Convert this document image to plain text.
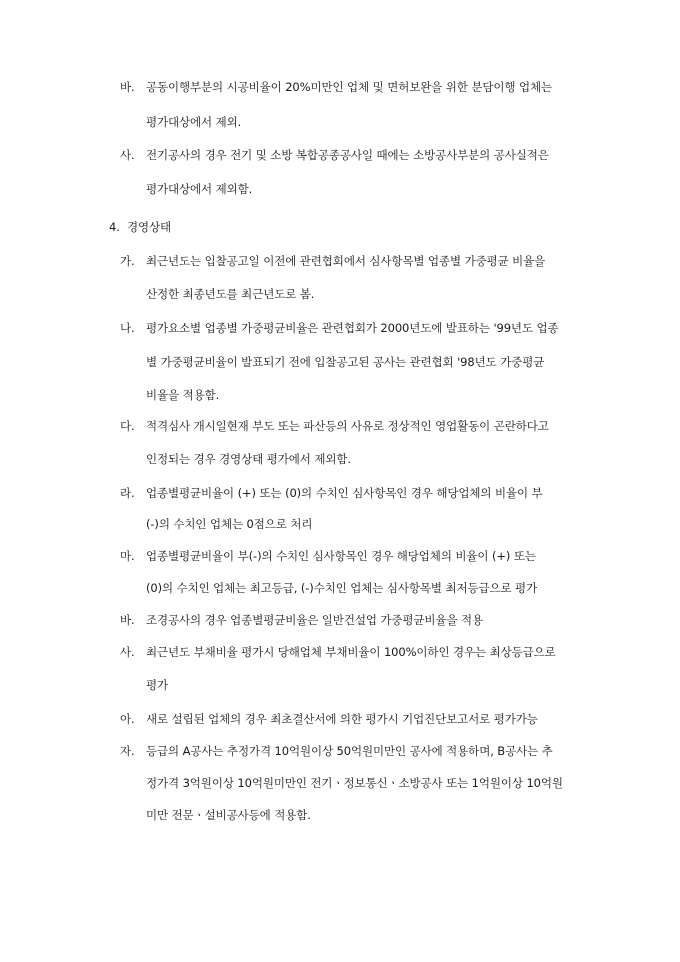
바. 공동이행부분의 시공비율이 20%미만인 업체 및 면허보완을 위한 분담이행 업체는
평가대상에서 제외.
사. 전기공사의 경우 전기 및 소방 복합공종공사일 때에는 소방공사부분의 공사실적은
평가대상에서 제외함.
4. 경영상태
가. 최근년도는 입찰공고일 이전에 관련협회에서 심사항목별 업종별 가중평균 비율을
산정한 최종년도를 최근년도로 봄.
나. 평가요소별 업종별 가중평균비율은 관련협회가 2000년도에 발표하는 '99년도 업종
별 가중평균비율이 발표되기 전에 입찰공고된 공사는 관련협회 '98년도 가중평균
비율을 적용함.
다. 적격심사 개시일현재 부도 또는 파산등의 사유로 정상적인 영업활동이 곤란하다고
인정되는 경우 경영상태 평가에서 제외함.
라. 업종별평균비율이 (+) 또는 (0)의 수치인 심사항목인 경우 해당업체의 비율이 부
(-)의 수치인 업체는 0점으로 처리
마. 업종별평균비율이 부(-)의 수치인 심사항목인 경우 해당업체의 비율이 (+) 또는
(0)의 수치인 업체는 최고등급, (-)수치인 업체는 심사항목별 최저등급으로 평가
바. 조경공사의 경우 업종별평균비율은 일반건설업 가중평균비율을 적용
사. 최근년도 부채비율 평가시 당해업체 부채비율이 100%이하인 경우는 최상등급으로
평가
아. 새로 설립된 업체의 경우 최초결산서에 의한 평가시 기업진단보고서로 평가가능
자. 등급의 A공사는 추정가격 10억원이상 50억원미만인 공사에 적용하며, B공사는 추
정가격 3억원이상 10억원미만인 전기ㆍ정보통신ㆍ소방공사 또는 1억원이상 10억원
미만 전문ㆍ설비공사등에 적용함.
